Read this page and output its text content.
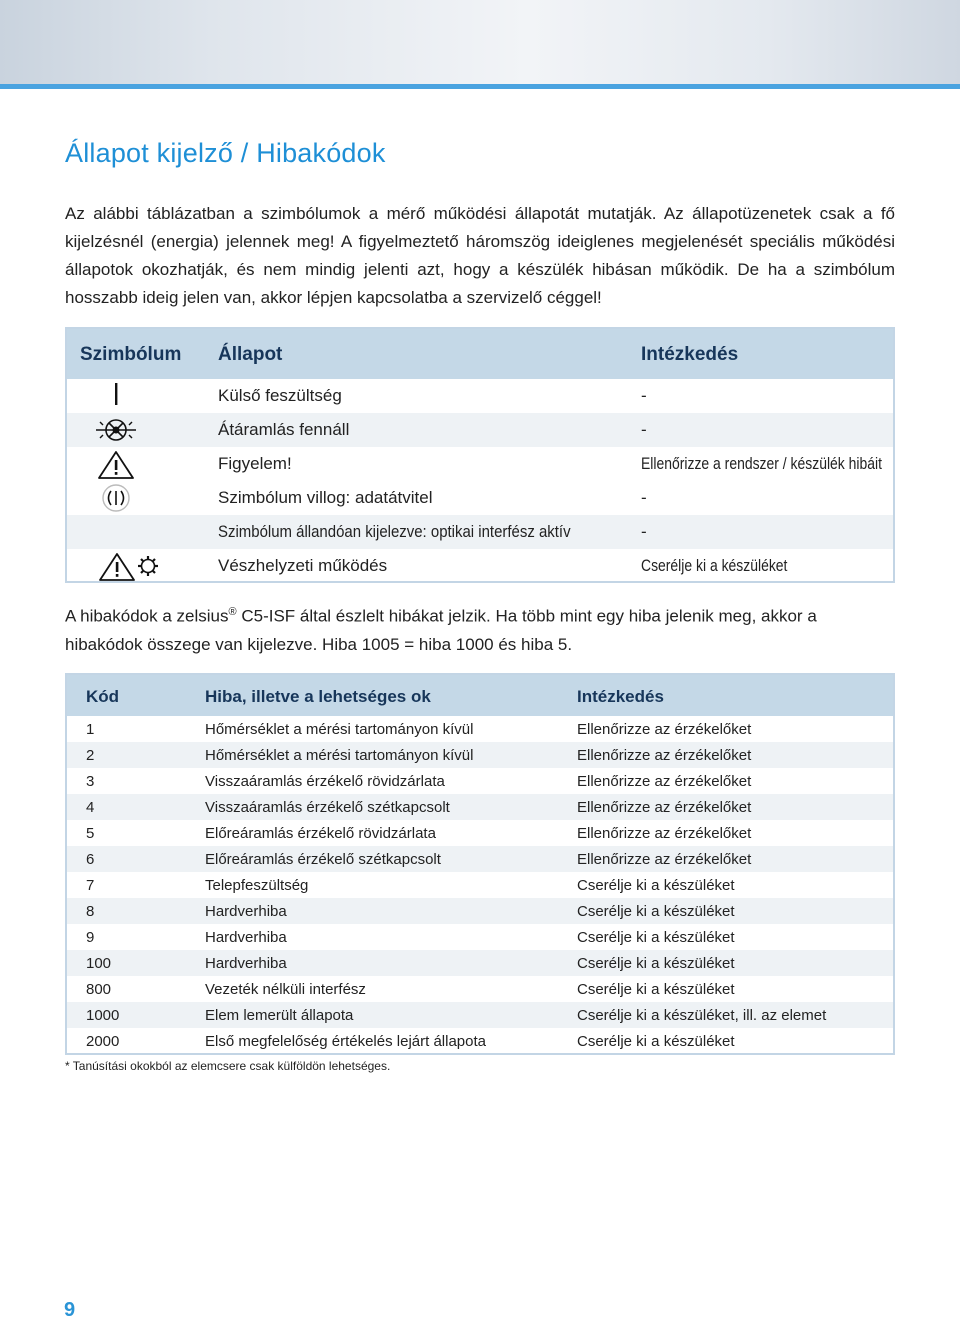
Állapot kijelző / Hibakódok

Az alábbi táblázatban a szimbólumok a mérő működési állapotát mutatják. Az állapotüzenetek csak a fő kijelzésnél (energia) jelennek meg! A figyelmeztető háromszög ideiglenes megjelenését speciális működési állapotok okozhatják, és nem mindig jelenti azt, hogy a készülék hibásan működik. De ha a szimbólum hosszabb ideig jelen van, akkor lépjen kapcsolatba a szervizelő céggel!

Szimbólum Állapot	Intézkedés
Külső feszültség	-
Átáramlás fennáll	-
Figyelem!	Ellenőrizze a rendszer / készülék hibáit
Szimbólum villog: adatátvitel	-
Szimbólum állandóan kijelezve: optikai interfész aktív	-
Vészhelyzeti működés	Cserélje ki a készüléket

A hibakódok a zelsius® C5-ISF által észlelt hibákat jelzik. Ha több mint egy hiba jelenik meg, akkor a hibakódok összege van kijelezve. Hiba 1005 = hiba 1000 és hiba 5.

Kód	Hiba, illetve a lehetséges ok	Intézkedés
1	Hőmérséklet a mérési tartományon kívül	Ellenőrizze az érzékelőket
2	Hőmérséklet a mérési tartományon kívül	Ellenőrizze az érzékelőket
3	Visszaáramlás érzékelő rövidzárlata	Ellenőrizze az érzékelőket
4	Visszaáramlás érzékelő szétkapcsolt	Ellenőrizze az érzékelőket
5	Előreáramlás érzékelő rövidzárlata	Ellenőrizze az érzékelőket
6	Előreáramlás érzékelő szétkapcsolt	Ellenőrizze az érzékelőket
7	Telepfeszültség	Cserélje ki a készüléket
8	Hardverhiba	Cserélje ki a készüléket
9	Hardverhiba	Cserélje ki a készüléket
100	Hardverhiba	Cserélje ki a készüléket
800	Vezeték nélküli interfész	Cserélje ki a készüléket
1000	Elem lemerült állapota	Cserélje ki a készüléket, ill. az elemet
2000	Első megfelelőség értékelés lejárt állapota	Cserélje ki a készüléket

* Tanúsítási okokból az elemcsere csak külföldön lehetséges.

9
